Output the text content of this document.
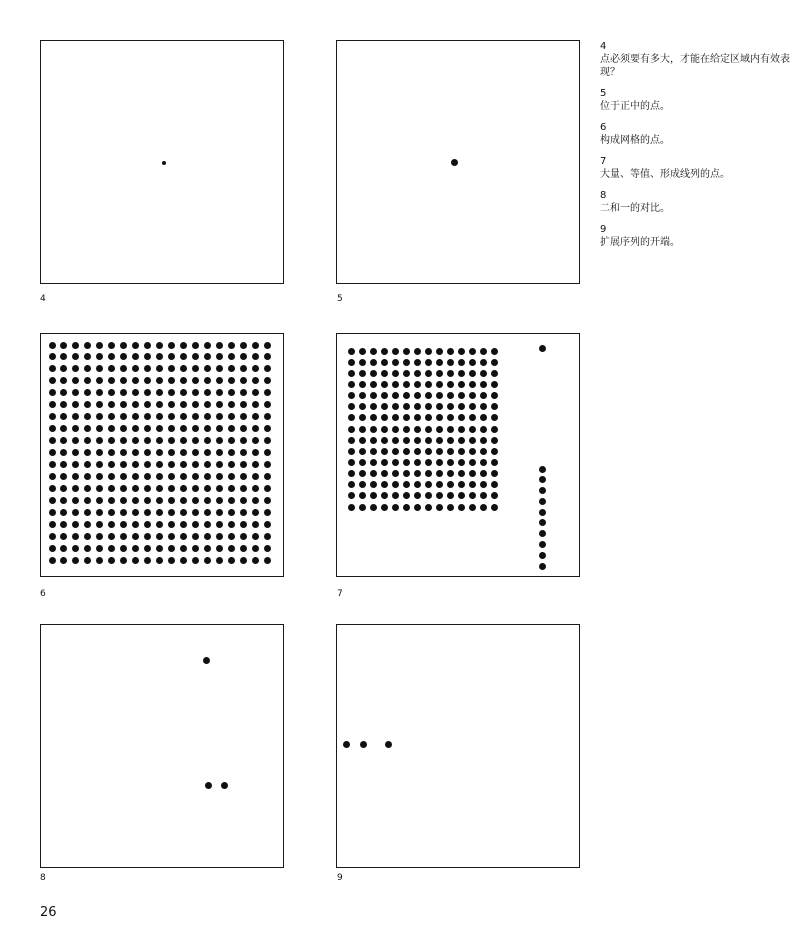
4	5
6	7
8	9
4
点必须要有多大，才能在给定区域内有效表现？
5
位于正中的点。
6
构成网格的点。
7
大量、等值、形成线列的点。
8
二和一的对比。
9
扩展序列的开端。
26
